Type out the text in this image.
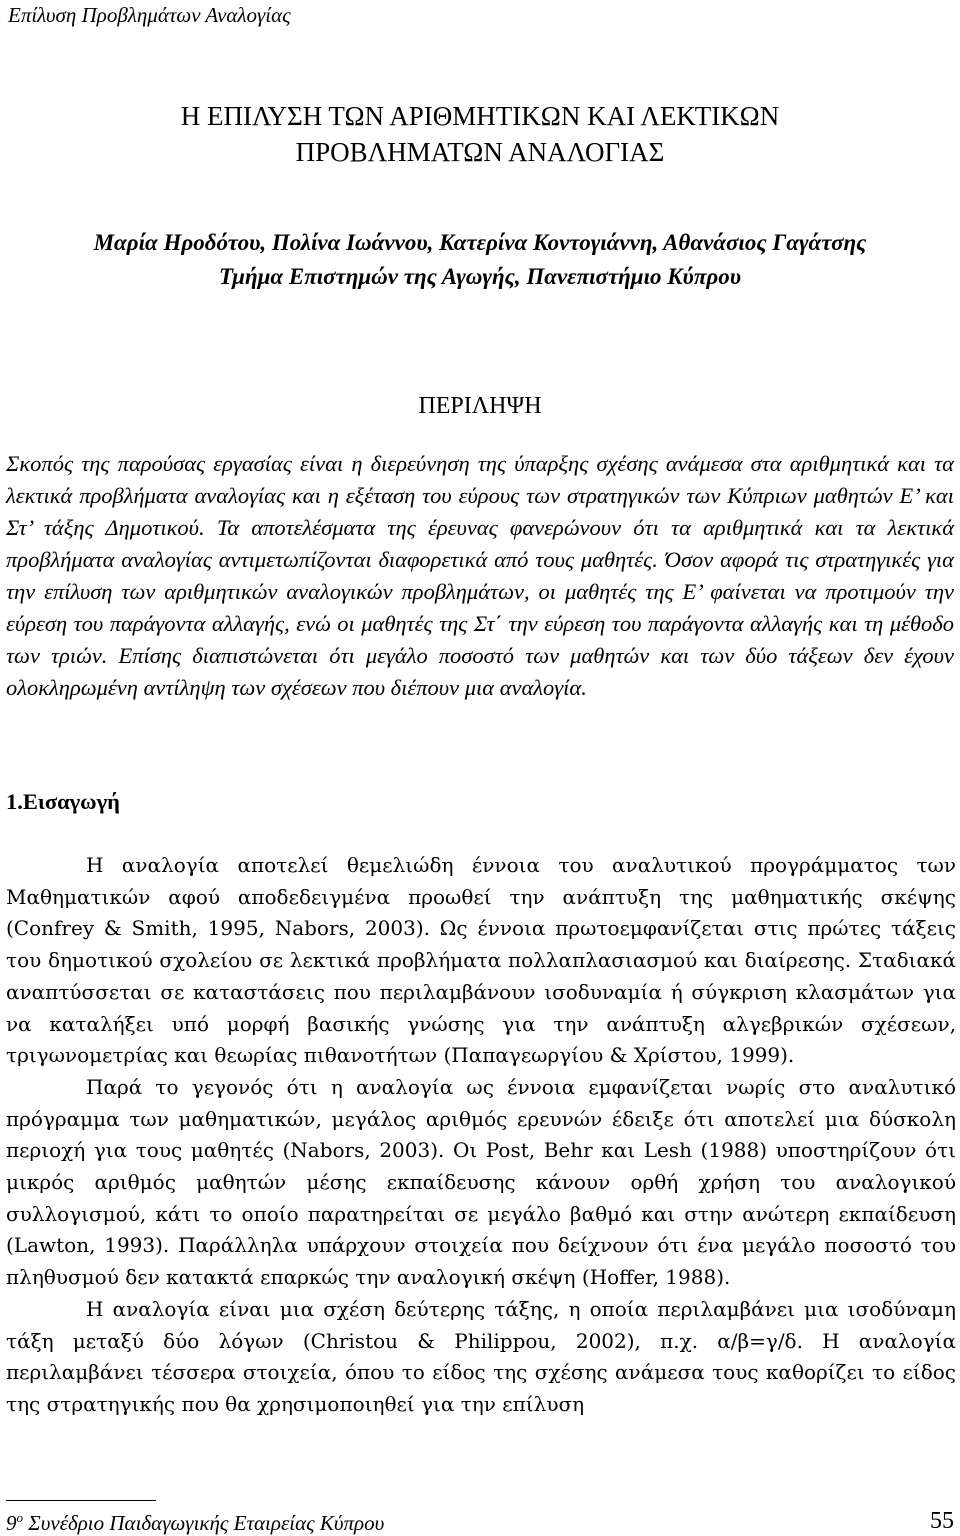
Επίλυση Προβλημάτων Αναλογίας
Η ΕΠΙΛΥΣΗ ΤΩΝ ΑΡΙΘΜΗΤΙΚΩΝ ΚΑΙ ΛΕΚΤΙΚΩΝ
ΠΡΟΒΛΗΜΑΤΩΝ ΑΝΑΛΟΓΙΑΣ
Μαρία Ηροδότου, Πολίνα Ιωάννου, Κατερίνα Κοντογιάννη, Αθανάσιος Γαγάτσης
Τμήμα Επιστημών της Αγωγής, Πανεπιστήμιο Κύπρου
ΠΕΡΙΛΗΨΗ

Σκοπός της παρούσας εργασίας είναι η διερεύνηση της ύπαρξης σχέσης ανάμεσα στα αριθμητικά και τα λεκτικά προβλήματα αναλογίας και η εξέταση του εύρους των στρατηγικών των Κύπριων μαθητών Ε’ και Στ’ τάξης Δημοτικού. Τα αποτελέσματα της έρευνας φανερώνουν ότι τα αριθμητικά και τα λεκτικά προβλήματα αναλογίας αντιμετωπίζονται διαφορετικά από τους μαθητές. Όσον αφορά τις στρατηγικές για την επίλυση των αριθμητικών αναλογικών προβλημάτων, οι μαθητές της Ε’ φαίνεται να προτιμούν την εύρεση του παράγοντα αλλαγής, ενώ οι μαθητές της Στ΄ την εύρεση του παράγοντα αλλαγής και τη μέθοδο των τριών. Επίσης διαπιστώνεται ότι μεγάλο ποσοστό των μαθητών και των δύο τάξεων δεν έχουν ολοκληρωμένη αντίληψη των σχέσεων που διέπουν μια αναλογία.

1.Εισαγωγή

Η αναλογία αποτελεί θεμελιώδη έννοια του αναλυτικού προγράμματος των Μαθηματικών αφού αποδεδειγμένα προωθεί την ανάπτυξη της μαθηματικής σκέψης (Confrey & Smith, 1995, Nabors, 2003). Ως έννοια πρωτοεμφανίζεται στις πρώτες τάξεις του δημοτικού σχολείου σε λεκτικά προβλήματα πολλαπλασιασμού και διαίρεσης. Σταδιακά αναπτύσσεται σε καταστάσεις που περιλαμβάνουν ισοδυναμία ή σύγκριση κλασμάτων για να καταλήξει υπό μορφή βασικής γνώσης για την ανάπτυξη αλγεβρικών σχέσεων, τριγωνομετρίας και θεωρίας πιθανοτήτων (Παπαγεωργίου & Χρίστου, 1999).

Παρά το γεγονός ότι η αναλογία ως έννοια εμφανίζεται νωρίς στο αναλυτικό πρόγραμμα των μαθηματικών, μεγάλος αριθμός ερευνών έδειξε ότι αποτελεί μια δύσκολη περιοχή για τους μαθητές (Nabors, 2003). Οι Post, Behr και Lesh (1988) υποστηρίζουν ότι μικρός αριθμός μαθητών μέσης εκπαίδευσης κάνουν ορθή χρήση του αναλογικού συλλογισμού, κάτι το οποίο παρατηρείται σε μεγάλο βαθμό και στην ανώτερη εκπαίδευση (Lawton, 1993). Παράλληλα υπάρχουν στοιχεία που δείχνουν ότι ένα μεγάλο ποσοστό του πληθυσμού δεν κατακτά επαρκώς την αναλογική σκέψη (Hoffer, 1988).

Η αναλογία είναι μια σχέση δεύτερης τάξης, η οποία περιλαμβάνει μια ισοδύναμη τάξη μεταξύ δύο λόγων (Christou & Philippou, 2002), π.χ. α/β=γ/δ. Η αναλογία περιλαμβάνει τέσσερα στοιχεία, όπου το είδος της σχέσης ανάμεσα τους καθορίζει το είδος της στρατηγικής που θα χρησιμοποιηθεί για την επίλυση

$9^o$ Συνέδριο Παιδαγωγικής Εταιρείας Κύπρου	55
